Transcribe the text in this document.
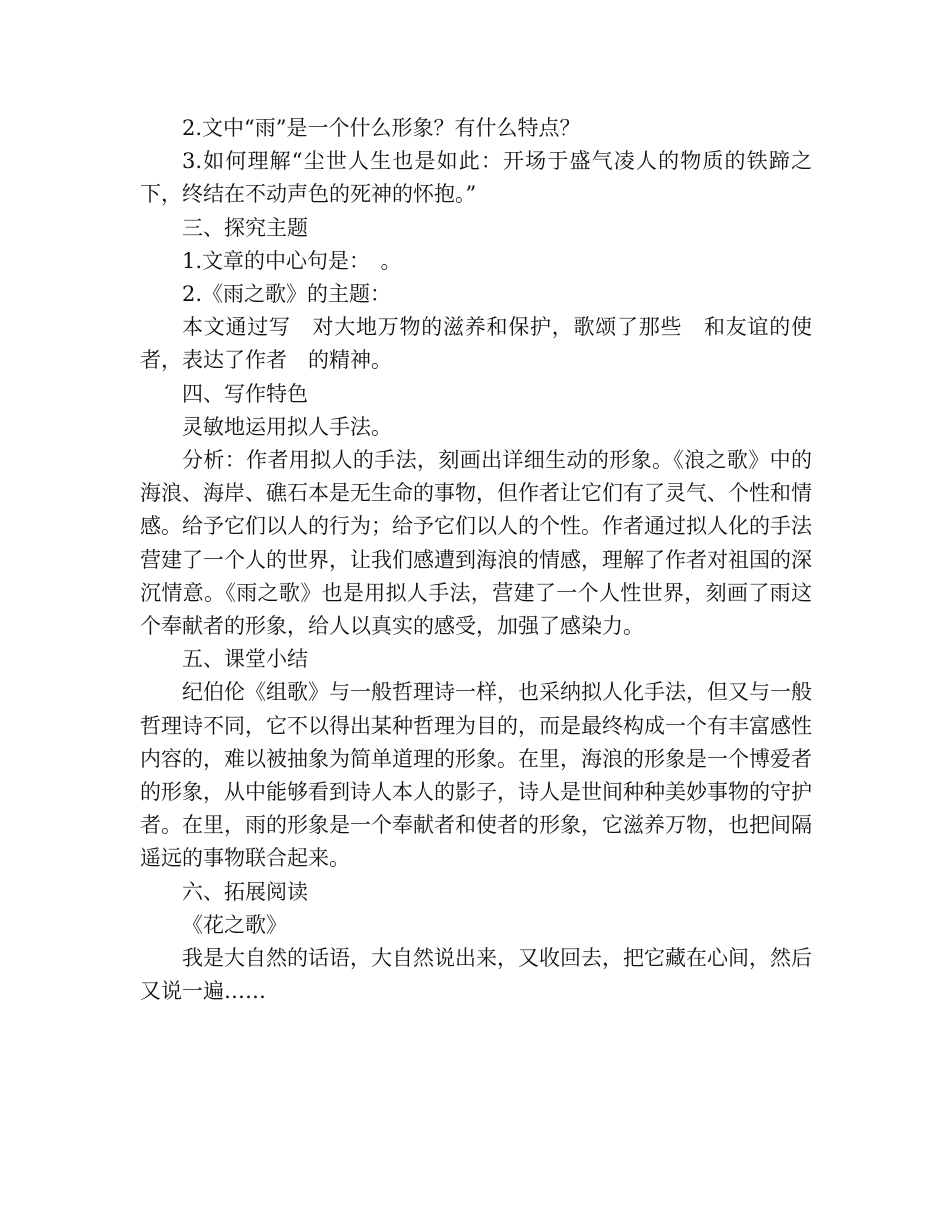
2.文中“雨”是一个什么形象？有什么特点？

3.如何理解“尘世人生也是如此：开场于盛气凌人的物质的铁蹄之下，终结在不动声色的死神的怀抱。”

三、探究主题

1.文章的中心句是：　。

2.《雨之歌》的主题：

本文通过写　对大地万物的滋养和保护，歌颂了那些　和友谊的使者，表达了作者　的精神。

四、写作特色

灵敏地运用拟人手法。

分析：作者用拟人的手法，刻画出详细生动的形象。《浪之歌》中的海浪、海岸、礁石本是无生命的事物，但作者让它们有了灵气、个性和情感。给予它们以人的行为；给予它们以人的个性。作者通过拟人化的手法营建了一个人的世界，让我们感遭到海浪的情感，理解了作者对祖国的深沉情意。《雨之歌》也是用拟人手法，营建了一个人性世界，刻画了雨这个奉献者的形象，给人以真实的感受，加强了感染力。

五、课堂小结

纪伯伦《组歌》与一般哲理诗一样，也采纳拟人化手法，但又与一般哲理诗不同，它不以得出某种哲理为目的，而是最终构成一个有丰富感性内容的，难以被抽象为简单道理的形象。在里，海浪的形象是一个博爱者的形象，从中能够看到诗人本人的影子，诗人是世间种种美妙事物的守护者。在里，雨的形象是一个奉献者和使者的形象，它滋养万物，也把间隔遥远的事物联合起来。

六、拓展阅读

《花之歌》

我是大自然的话语，大自然说出来，又收回去，把它藏在心间，然后又说一遍……
